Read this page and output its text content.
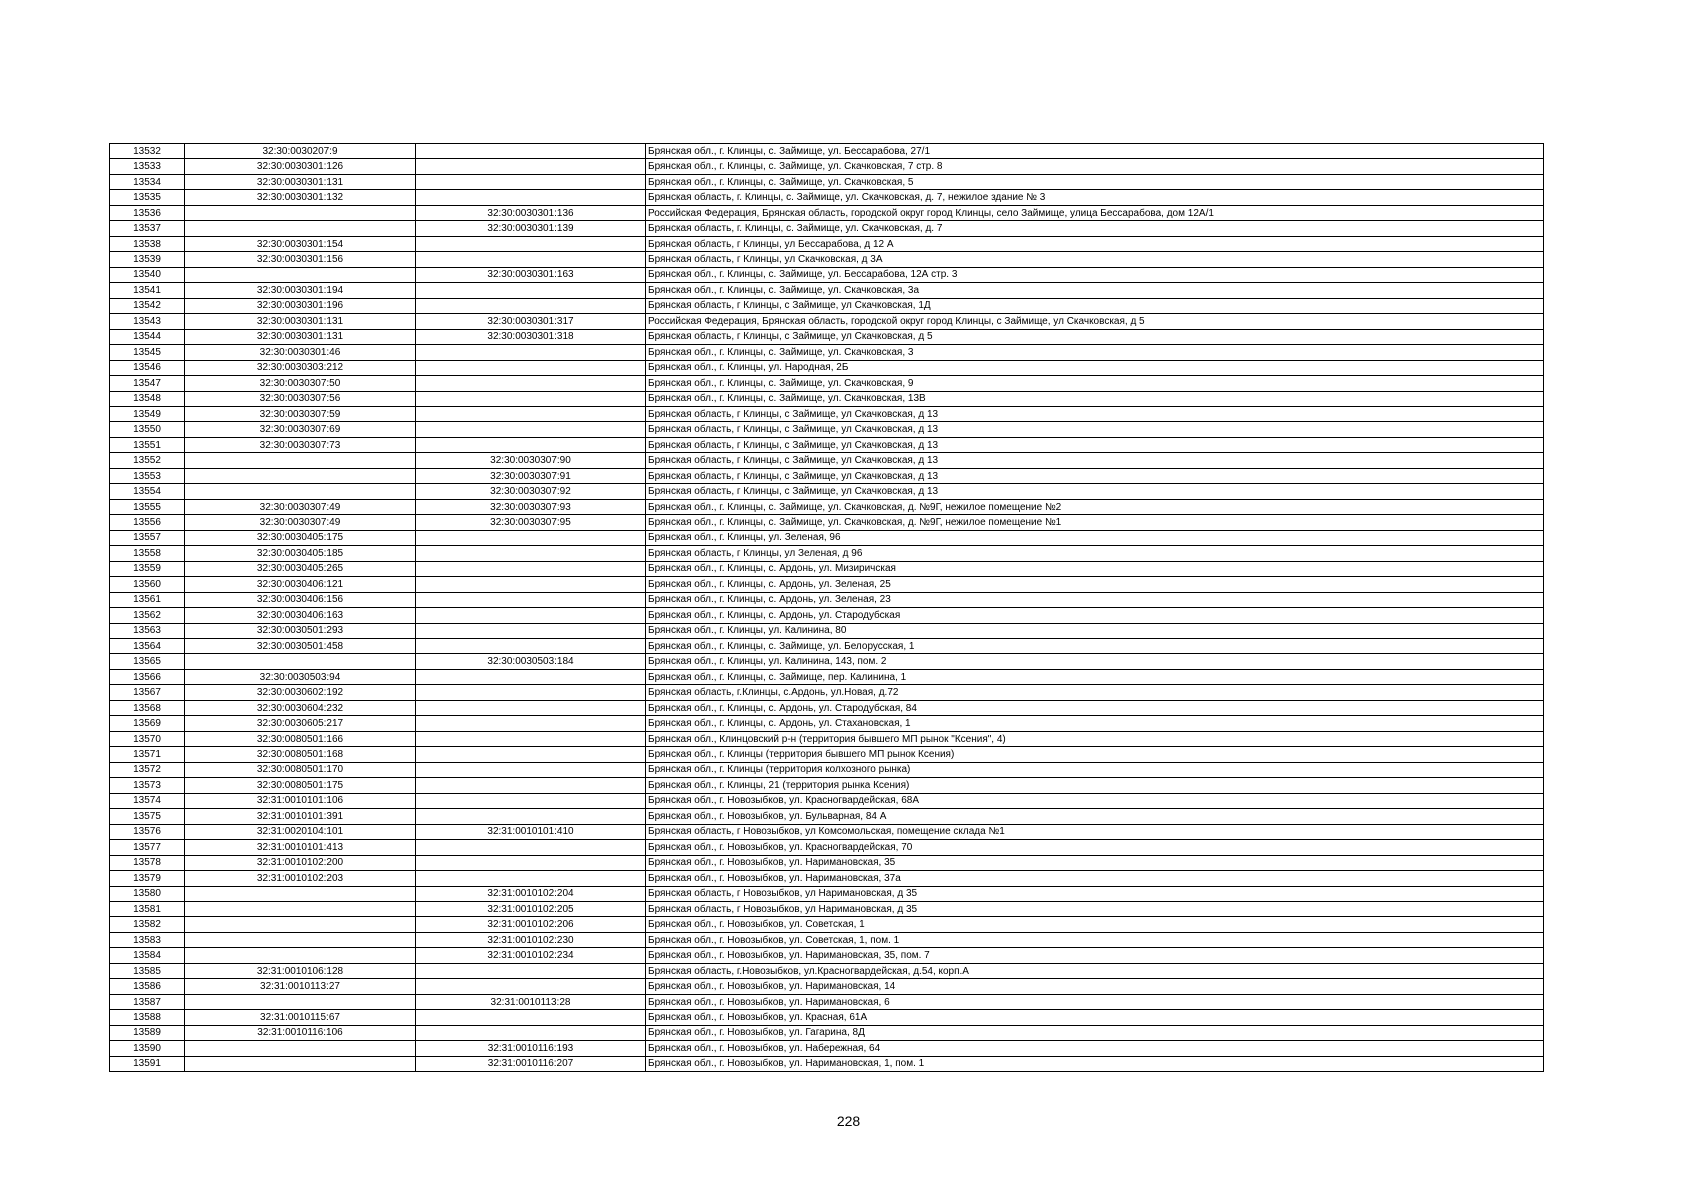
13532	32:30:0030207:9		Брянская обл., г. Клинцы, с. Займище, ул. Бессарабова, 27/1
13533	32:30:0030301:126		Брянская обл., г. Клинцы, с. Займище, ул. Скачковская, 7 стр. 8
13534	32:30:0030301:131		Брянская обл., г. Клинцы, с. Займище, ул. Скачковская, 5
13535	32:30:0030301:132		Брянская область, г. Клинцы, с. Займище, ул. Скачковская, д. 7, нежилое здание № 3
13536		32:30:0030301:136	Российская Федерация, Брянская область, городской округ город Клинцы, село Займище, улица Бессарабова, дом 12А/1
13537		32:30:0030301:139	Брянская область, г. Клинцы, с. Займище, ул. Скачковская, д. 7
13538	32:30:0030301:154		Брянская область, г Клинцы, ул Бессарабова, д 12 А
13539	32:30:0030301:156		Брянская область, г Клинцы, ул Скачковская, д 3А
13540		32:30:0030301:163	Брянская обл., г. Клинцы, с. Займище, ул. Бессарабова, 12А стр. 3
13541	32:30:0030301:194		Брянская обл., г. Клинцы, с. Займище, ул. Скачковская, 3а
13542	32:30:0030301:196		Брянская область, г Клинцы, с Займище, ул Скачковская, 1Д
13543	32:30:0030301:131	32:30:0030301:317	Российская Федерация, Брянская область, городской округ город Клинцы, с Займище, ул Скачковская, д 5
13544	32:30:0030301:131	32:30:0030301:318	Брянская область, г Клинцы, с Займище, ул Скачковская, д 5
13545	32:30:0030301:46		Брянская обл., г. Клинцы, с. Займище, ул. Скачковская, 3
13546	32:30:0030303:212		Брянская обл., г. Клинцы, ул. Народная, 2Б
13547	32:30:0030307:50		Брянская обл., г. Клинцы, с. Займище, ул. Скачковская, 9
13548	32:30:0030307:56		Брянская обл., г. Клинцы, с. Займище, ул. Скачковская, 13В
13549	32:30:0030307:59		Брянская область, г Клинцы, с Займище, ул Скачковская, д 13
13550	32:30:0030307:69		Брянская область, г Клинцы, с Займище, ул Скачковская, д 13
13551	32:30:0030307:73		Брянская область, г Клинцы, с Займище, ул Скачковская, д 13
13552		32:30:0030307:90	Брянская область, г Клинцы, с Займище, ул Скачковская, д 13
13553		32:30:0030307:91	Брянская область, г Клинцы, с Займище, ул Скачковская, д 13
13554		32:30:0030307:92	Брянская область, г Клинцы, с Займище, ул Скачковская, д 13
13555	32:30:0030307:49	32:30:0030307:93	Брянская обл., г. Клинцы, с. Займище, ул. Скачковская, д. №9Г, нежилое помещение №2
13556	32:30:0030307:49	32:30:0030307:95	Брянская обл., г. Клинцы, с. Займище, ул. Скачковская, д. №9Г, нежилое помещение №1
13557	32:30:0030405:175		Брянская обл., г. Клинцы, ул. Зеленая, 96
13558	32:30:0030405:185		Брянская область, г Клинцы, ул Зеленая, д 96
13559	32:30:0030405:265		Брянская обл., г. Клинцы, с. Ардонь, ул. Мизиричская
13560	32:30:0030406:121		Брянская обл., г. Клинцы, с. Ардонь, ул. Зеленая, 25
13561	32:30:0030406:156		Брянская обл., г. Клинцы, с. Ардонь, ул. Зеленая, 23
13562	32:30:0030406:163		Брянская обл., г. Клинцы, с. Ардонь, ул. Стародубская
13563	32:30:0030501:293		Брянская обл., г. Клинцы, ул. Калинина, 80
13564	32:30:0030501:458		Брянская обл., г. Клинцы, с. Займище, ул. Белорусская, 1
13565		32:30:0030503:184	Брянская обл., г. Клинцы, ул. Калинина, 143, пом. 2
13566	32:30:0030503:94		Брянская обл., г. Клинцы, с. Займище, пер. Калинина, 1
13567	32:30:0030602:192		Брянская область, г.Клинцы, с.Ардонь, ул.Новая, д.72
13568	32:30:0030604:232		Брянская обл., г. Клинцы, с. Ардонь, ул. Стародубская, 84
13569	32:30:0030605:217		Брянская обл., г. Клинцы, с. Ардонь, ул. Стахановская, 1
13570	32:30:0080501:166		Брянская обл., Клинцовский р-н (территория бывшего МП рынок "Ксения", 4)
13571	32:30:0080501:168		Брянская обл., г. Клинцы (территория бывшего МП рынок Ксения)
13572	32:30:0080501:170		Брянская обл., г. Клинцы (территория колхозного рынка)
13573	32:30:0080501:175		Брянская обл., г. Клинцы, 21 (территория рынка Ксения)
13574	32:31:0010101:106		Брянская обл., г. Новозыбков, ул. Красногвардейская, 68А
13575	32:31:0010101:391		Брянская обл., г. Новозыбков, ул. Бульварная, 84 А
13576	32:31:0020104:101	32:31:0010101:410	Брянская область, г Новозыбков, ул Комсомольская, помещение склада №1
13577	32:31:0010101:413		Брянская обл., г. Новозыбков, ул. Красногвардейская, 70
13578	32:31:0010102:200		Брянская обл., г. Новозыбков, ул. Наримановская, 35
13579	32:31:0010102:203		Брянская обл., г. Новозыбков, ул. Наримановская, 37а
13580		32:31:0010102:204	Брянская область, г Новозыбков, ул Наримановская, д 35
13581		32:31:0010102:205	Брянская область, г Новозыбков, ул Наримановская, д 35
13582		32:31:0010102:206	Брянская обл., г. Новозыбков, ул. Советская, 1
13583		32:31:0010102:230	Брянская обл., г. Новозыбков, ул. Советская, 1, пом. 1
13584		32:31:0010102:234	Брянская обл., г. Новозыбков, ул. Наримановская, 35, пом. 7
13585	32:31:0010106:128		Брянская область, г.Новозыбков, ул.Красногвардейская, д.54, корп.А
13586	32:31:0010113:27		Брянская обл., г. Новозыбков, ул. Наримановская, 14
13587		32:31:0010113:28	Брянская обл., г. Новозыбков, ул. Наримановская, 6
13588	32:31:0010115:67		Брянская обл., г. Новозыбков, ул. Красная, 61А
13589	32:31:0010116:106		Брянская обл., г. Новозыбков, ул. Гагарина, 8Д
13590		32:31:0010116:193	Брянская обл., г. Новозыбков, ул. Набережная, 64
13591		32:31:0010116:207	Брянская обл., г. Новозыбков, ул. Наримановская, 1, пом. 1
228
